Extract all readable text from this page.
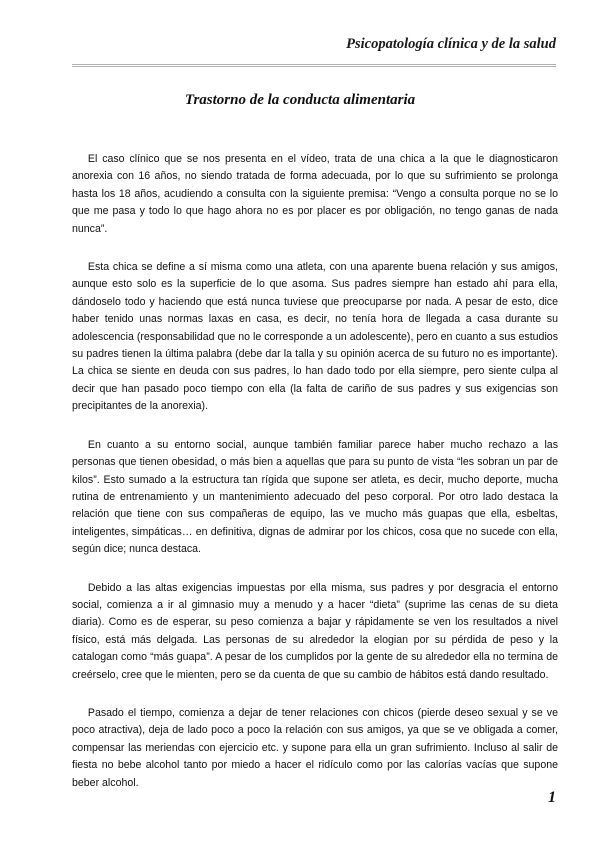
Psicopatología clínica y de la salud
Trastorno de la conducta alimentaria

El caso clínico que se nos presenta en el vídeo, trata de una chica a la que le diagnosticaron anorexia con 16 años, no siendo tratada de forma adecuada, por lo que su sufrimiento se prolonga hasta los 18 años, acudiendo a consulta con la siguiente premisa: “Vengo a consulta porque no se lo que me pasa y todo lo que hago ahora no es por placer es por obligación, no tengo ganas de nada nunca”.

Esta chica se define a sí misma como una atleta, con una aparente buena relación y sus amigos, aunque esto solo es la superficie de lo que asoma. Sus padres siempre han estado ahí para ella, dándoselo todo y haciendo que está nunca tuviese que preocuparse por nada. A pesar de esto, dice haber tenido unas normas laxas en casa, es decir, no tenía hora de llegada a casa durante su adolescencia (responsabilidad que no le corresponde a un adolescente), pero en cuanto a sus estudios su padres tienen la última palabra (debe dar la talla y su opinión acerca de su futuro no es importante). La chica se siente en deuda con sus padres, lo han dado todo por ella siempre, pero siente culpa al decir que han pasado poco tiempo con ella (la falta de cariño de sus padres y sus exigencias son precipitantes de la anorexia).

En cuanto a su entorno social, aunque también familiar parece haber mucho rechazo a las personas que tienen obesidad, o más bien a aquellas que para su punto de vista “les sobran un par de kilos”. Esto sumado a la estructura tan rígida que supone ser atleta, es decir, mucho deporte, mucha rutina de entrenamiento y un mantenimiento adecuado del peso corporal. Por otro lado destaca la relación que tiene con sus compañeras de equipo, las ve mucho más guapas que ella, esbeltas, inteligentes, simpáticas… en definitiva, dignas de admirar por los chicos, cosa que no sucede con ella, según dice; nunca destaca.

Debido a las altas exigencias impuestas por ella misma, sus padres y por desgracia el entorno social, comienza a ir al gimnasio muy a menudo y a hacer “dieta” (suprime las cenas de su dieta diaria). Como es de esperar, su peso comienza a bajar y rápidamente se ven los resultados a nivel físico, está más delgada. Las personas de su alrededor la elogian por su pérdida de peso y la catalogan como “más guapa”. A pesar de los cumplidos por la gente de su alrededor ella no termina de creérselo, cree que le mienten, pero se da cuenta de que su cambio de hábitos está dando resultado.

Pasado el tiempo, comienza a dejar de tener relaciones con chicos (pierde deseo sexual y se ve poco atractiva), deja de lado poco a poco la relación con sus amigos, ya que se ve obligada a comer, compensar las meriendas con ejercicio etc. y supone para ella un gran sufrimiento. Incluso al salir de fiesta no bebe alcohol tanto por miedo a hacer el ridículo como por las calorías vacías que supone beber alcohol.

1
